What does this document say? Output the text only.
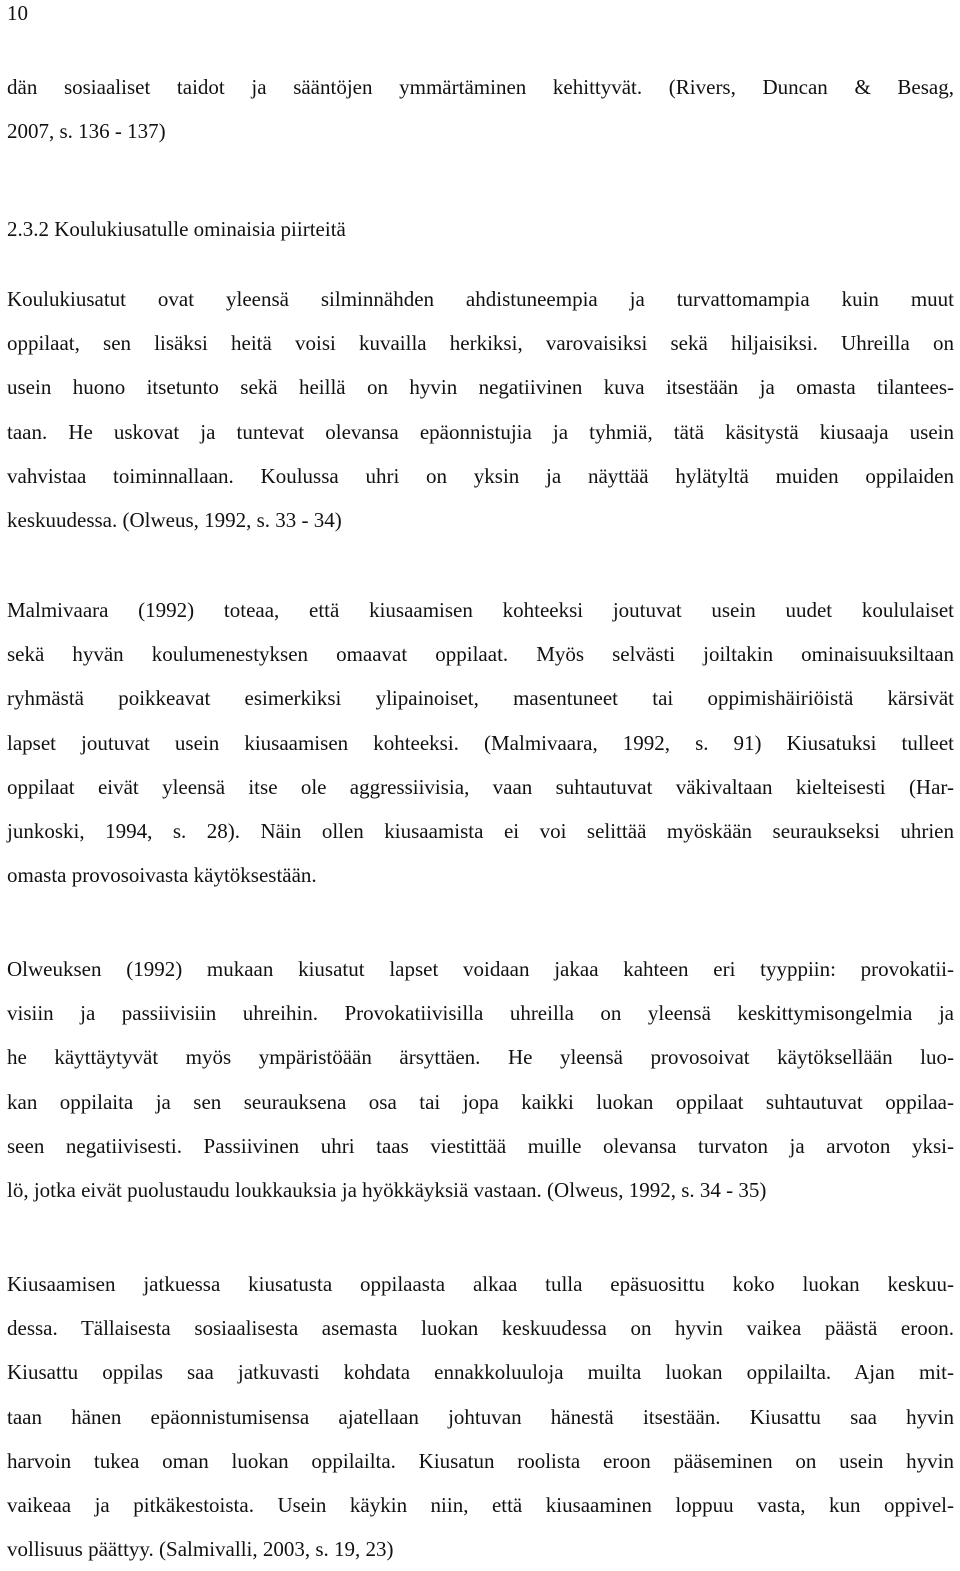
10
dän sosiaaliset taidot ja sääntöjen ymmärtäminen kehittyvät. (Rivers, Duncan & Besag,
2007, s. 136 - 137)
2.3.2 Koulukiusatulle ominaisia piirteitä
Koulukiusatut ovat yleensä silminnähden ahdistuneempia ja turvattomampia kuin muut
oppilaat, sen lisäksi heitä voisi kuvailla herkiksi, varovaisiksi sekä hiljaisiksi. Uhreilla on
usein huono itsetunto sekä heillä on hyvin negatiivinen kuva itsestään ja omasta tilantees-
taan. He uskovat ja tuntevat olevansa epäonnistujia ja tyhmiä, tätä käsitystä kiusaaja usein
vahvistaa toiminnallaan. Koulussa uhri on yksin ja näyttää hylätyltä muiden oppilaiden
keskuudessa. (Olweus, 1992, s. 33 - 34)
Malmivaara (1992) toteaa, että kiusaamisen kohteeksi joutuvat usein uudet koululaiset
sekä hyvän koulumenestyksen omaavat oppilaat. Myös selvästi joiltakin ominaisuuksiltaan
ryhmästä poikkeavat esimerkiksi ylipainoiset, masentuneet tai oppimishäiriöistä kärsivät
lapset joutuvat usein kiusaamisen kohteeksi. (Malmivaara, 1992, s. 91) Kiusatuksi tulleet
oppilaat eivät yleensä itse ole aggressiivisia, vaan suhtautuvat väkivaltaan kielteisesti (Har-
junkoski, 1994, s. 28). Näin ollen kiusaamista ei voi selittää myöskään seuraukseksi uhrien
omasta provosoivasta käytöksestään.
Olweuksen (1992) mukaan kiusatut lapset voidaan jakaa kahteen eri tyyppiin: provokatii-
visiin ja passiivisiin uhreihin. Provokatiivisilla uhreilla on yleensä keskittymisongelmia ja
he käyttäytyvät myös ympäristöään ärsyttäen. He yleensä provosoivat käytöksellään luo-
kan oppilaita ja sen seurauksena osa tai jopa kaikki luokan oppilaat suhtautuvat oppilaa-
seen negatiivisesti. Passiivinen uhri taas viestittää muille olevansa turvaton ja arvoton yksi-
lö, jotka eivät puolustaudu loukkauksia ja hyökkäyksiä vastaan. (Olweus, 1992, s. 34 - 35)
Kiusaamisen jatkuessa kiusatusta oppilaasta alkaa tulla epäsuosittu koko luokan keskuu-
dessa. Tällaisesta sosiaalisesta asemasta luokan keskuudessa on hyvin vaikea päästä eroon.
Kiusattu oppilas saa jatkuvasti kohdata ennakkoluuloja muilta luokan oppilailta. Ajan mit-
taan hänen epäonnistumisensa ajatellaan johtuvan hänestä itsestään. Kiusattu saa hyvin
harvoin tukea oman luokan oppilailta. Kiusatun roolista eroon pääseminen on usein hyvin
vaikeaa ja pitkäkestoista. Usein käykin niin, että kiusaaminen loppuu vasta, kun oppivel-
vollisuus päättyy. (Salmivalli, 2003, s. 19, 23)
